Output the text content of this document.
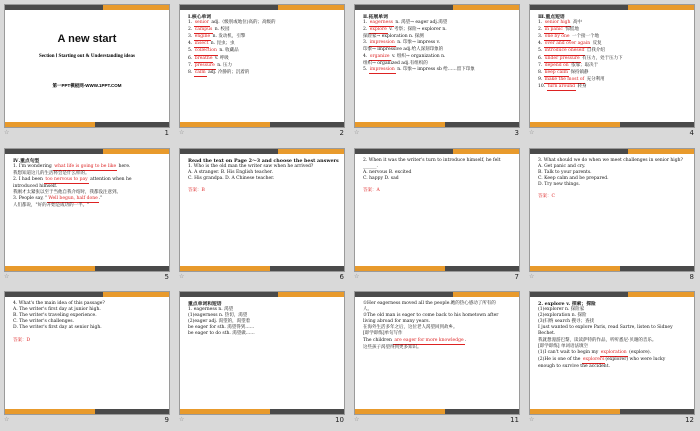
A new start
Section Ⅰ Starting out & Understanding ideas
第一PPT模板网-WWW.1PPT.COM
☆	1
Ⅰ.核心单词
1. senior adj.（级别或地位)高的；高级的
2. campus n. 校园
3. engine n. 发动机，引擎
4. insect n. 昆虫；虫
5. collection n. 收藏品
6. breathe v. 呼吸
7. pressure n. 压力
8. calm adj. 冷静的；沉着的
☆	2
Ⅱ.拓展单词
1. eagerness n. 渴望→ eager adj.渴望
2. explore v. 考察；探险→ explorer n.
探险家→ exploration n. 探测
3. impression n. 印象→ impress v.
印象→ impressive adj.给人深刻印象的
4. organize v. 组织→ organization n.
组织→ organized adj.有组织的
5. impression n. 印象→ impress sb 给……留下印象
☆	3
Ⅲ.重点短语
1. senior high 高中
2. in panic 惊慌地
3. one by one 一个接一个地
4. over and over again 反复
5. introduce oneself 自我介绍
6. under pressure 有压力，处于压力下
7. depend on 依靠；取决于
8. keep calm 保持镇静
9. make the most of 充分利用
10. turn around 转身
☆	4
Ⅳ.重点句型
1. I'm wondering what life is going to be like here.
我想知道这儿的生活将会是什么样的。
2. I had been too nervous to pay attention when he
introduced himself.
我刚才太紧张以至于当他自我介绍时，我都没注意到。
3. People say, "Well begun, half done."
人们都说，"好的开始是成功的一半。"
☆	5
Read the text on Page 2～3 and choose the best answers
1. Who is the old man the writer saw when he arrived?
A. A stranger. B. His English teacher.
C. His grandpa. D. A Chinese teacher.

答案：B
☆	6
2. When it was the writer's turn to introduce himself, he felt
______.
A. nervous B. excited
C. happy D. sad

答案：A
☆	7
3. What should we do when we meet challenges in senior high?
A. Get panic and cry.
B. Talk to your parents.
C. Keep calm and be prepared.
D. Try new things.

答案：C
☆	8
4. What's the main idea of this passage?
A. The writer's first day at junior high.
B. The writer's traveling experience.
C. The writer's challenges.
D. The writer's first day at senior high.

答案：D
☆	9
重点单词和短语
1. eagerness n. 渴望
(1)eagerness n. 热切，渴望
(2)eager adj. 渴望的，渴望着
be eager for sth. 渴望得到……
be eager to do sth. 渴望做……
☆	10
①Her eagerness moved all the people.她的热心感动了所有的
人。
②The old man is eager to come back to his hometown after
living abroad for many years.
在海外生活多年之后，这位老人渴望回到故乡。
[即学即练]单句写作
The children are eager for more knowledge.
这些孩子渴望得到更多知识。
☆	11
2. explore v. 探索；探险
(1)explorer n. 探险家
(2)exploration n. 探险
(3)归纳 search 搜寻；查找
I just wanted to explore Paris, read Sartre, listen to Sidney
Bechet.
我就想漫游巴黎，读读萨特的作品，听听悉尼·贝谢的音乐。
[即学即练] 单词语法填空
(1)I can't wait to begin my exploration (explore).
(2)He is one of the explorers(explorer) who were lucky
enough to survive the accident.
☆	12
